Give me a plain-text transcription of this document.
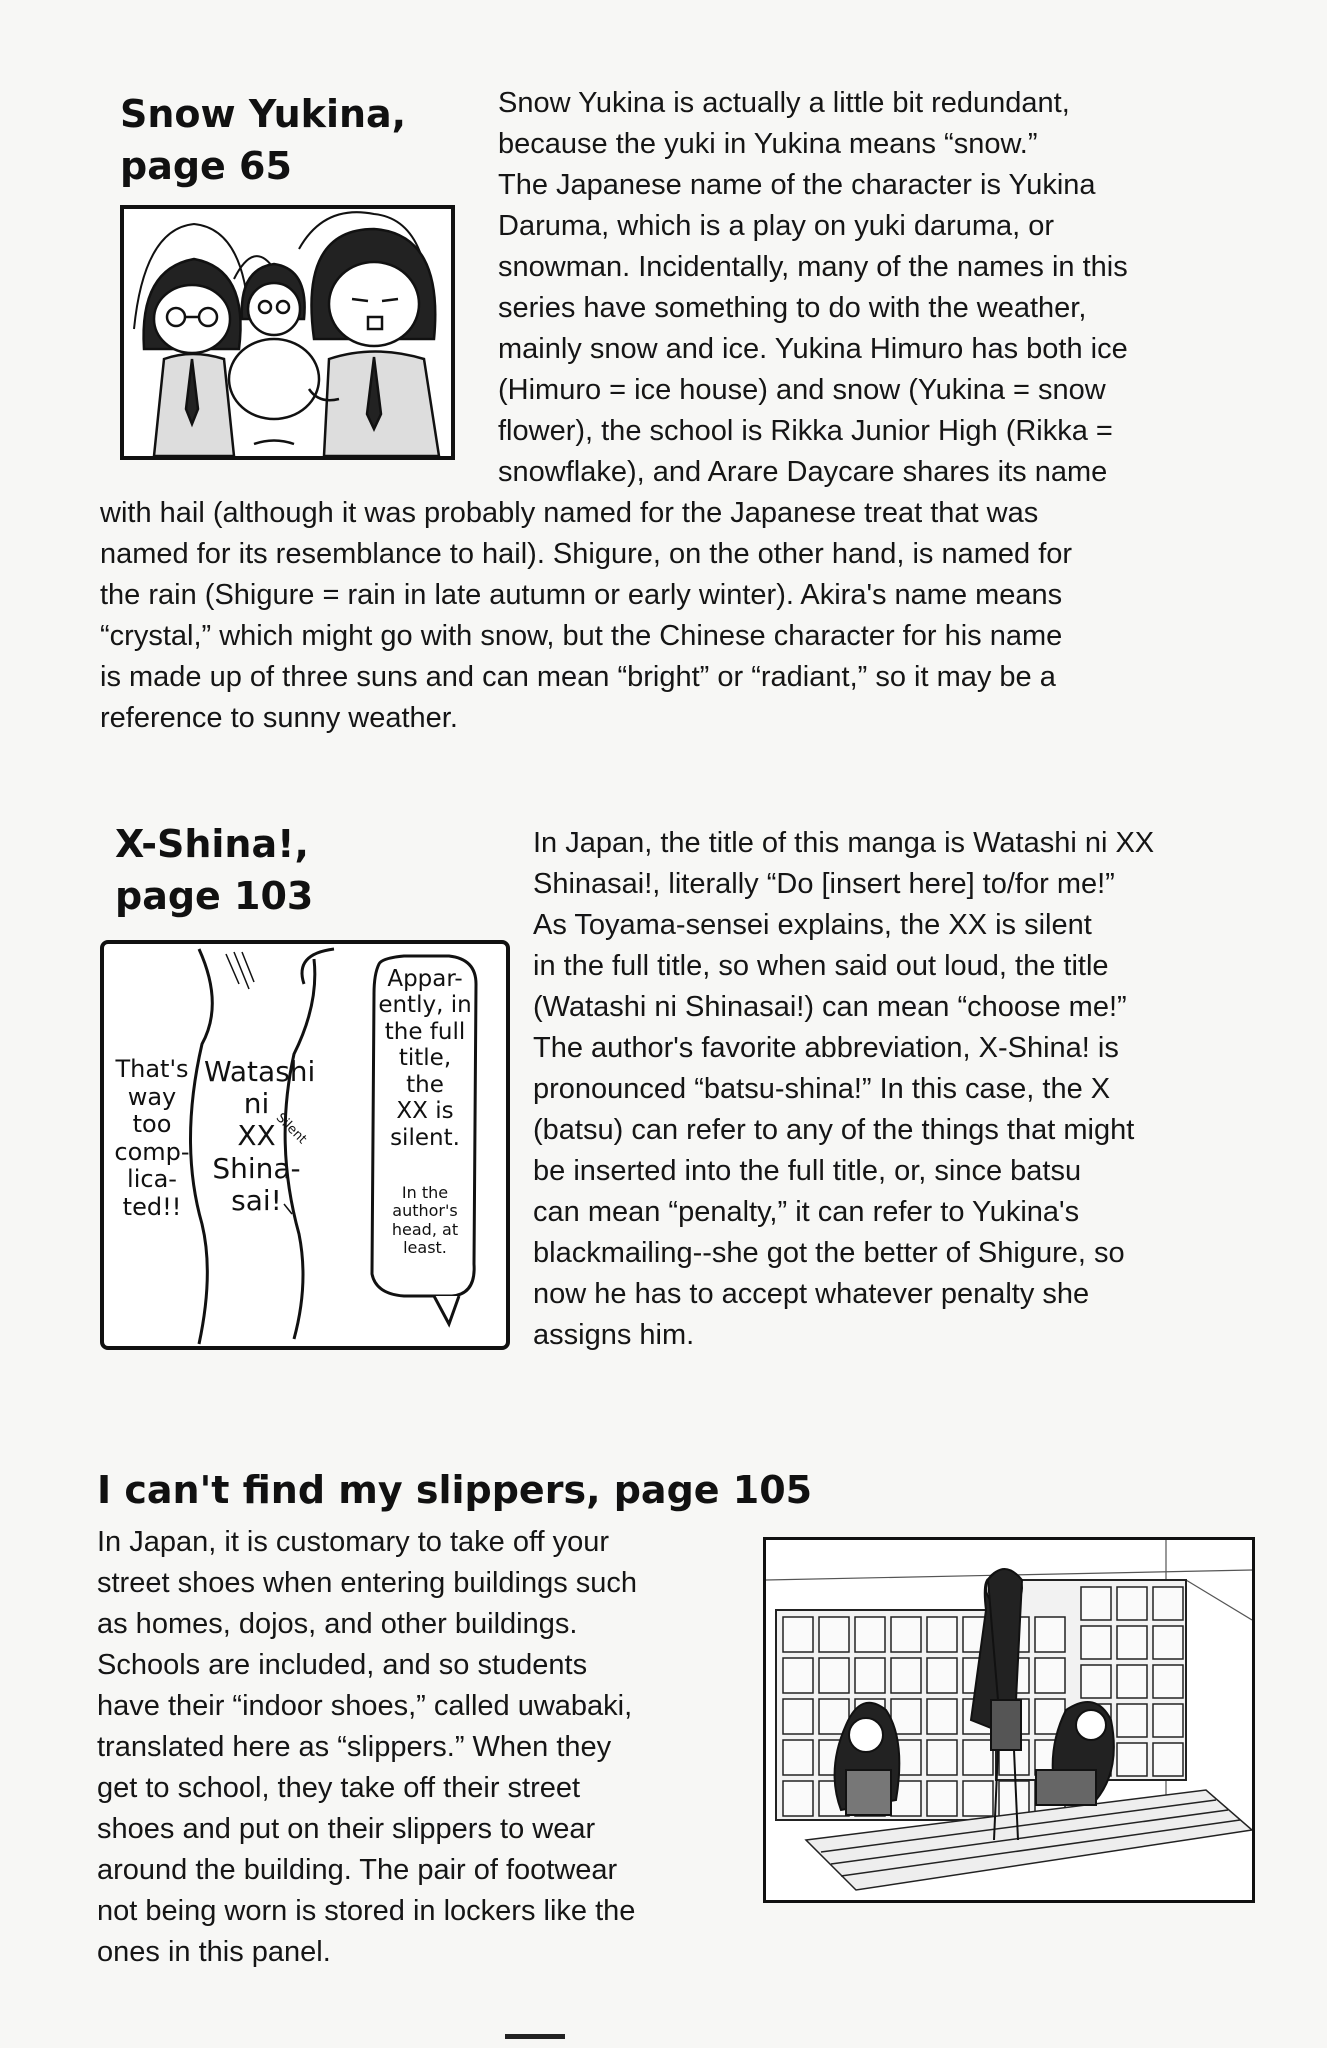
Snow Yukina,
page 65
Snow Yukina is actually a little bit redundant,
because the yuki in Yukina means “snow.”
The Japanese name of the character is Yukina
Daruma, which is a play on yuki daruma, or
snowman. Incidentally, many of the names in this
series have something to do with the weather,
mainly snow and ice. Yukina Himuro has both ice
(Himuro = ice house) and snow (Yukina = snow
flower), the school is Rikka Junior High (Rikka =
snowflake), and Arare Daycare shares its name
with hail (although it was probably named for the Japanese treat that was
named for its resemblance to hail). Shigure, on the other hand, is named for
the rain (Shigure = rain in late autumn or early winter). Akira's name means
“crystal,” which might go with snow, but the Chinese character for his name
is made up of three suns and can mean “bright” or “radiant,” so it may be a
reference to sunny weather.
X-Shina!,
page 103
That's
way
too
comp-
lica-
ted!!
Watashi
ni
XX
Shina-
sai!
Silent
Appar-
ently, in
the full
title,
the
XX is
silent.
In the
author's
head, at
least.
In Japan, the title of this manga is Watashi ni XX
Shinasai!, literally “Do [insert here] to/for me!”
As Toyama-sensei explains, the XX is silent
in the full title, so when said out loud, the title
(Watashi ni Shinasai!) can mean “choose me!”
The author's favorite abbreviation, X-Shina! is
pronounced “batsu-shina!” In this case, the X
(batsu) can refer to any of the things that might
be inserted into the full title, or, since batsu
can mean “penalty,” it can refer to Yukina's
blackmailing--she got the better of Shigure, so
now he has to accept whatever penalty she
assigns him.
I can't find my slippers, page 105
In Japan, it is customary to take off your
street shoes when entering buildings such
as homes, dojos, and other buildings.
Schools are included, and so students
have their “indoor shoes,” called uwabaki,
translated here as “slippers.” When they
get to school, they take off their street
shoes and put on their slippers to wear
around the building. The pair of footwear
not being worn is stored in lockers like the
ones in this panel.
